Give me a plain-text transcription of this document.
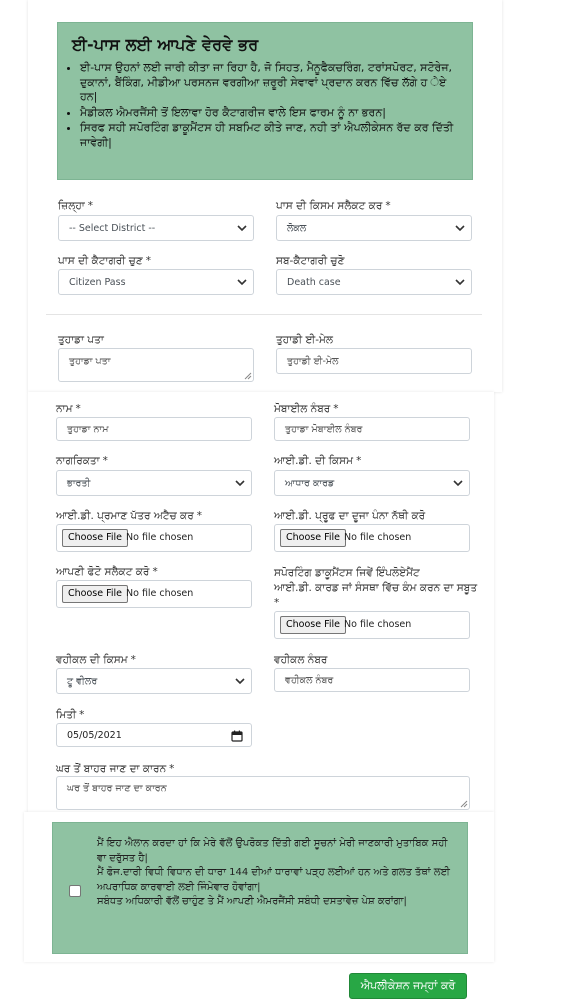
ਈ-ਪਾਸ ਲਈ ਆਪਣੇ ਵੇਰਵੇ ਭਰ
• ਈ-ਪਾਸ ਉਹਨਾਂ ਲਈ ਜਾਰੀ ਕੀਤਾ ਜਾ ਰਿਹਾ ਹੈ, ਜੋ ਸਿਹਤ, ਮੈਨੂਫੈਕਚਰਿੰਗ, ਟਰਾਂਸਪੋਰਟ, ਸਟੋਰੇਜ, ਦੁਕਾਨਾਂ, ਬੈਂਕਿੰਗ, ਮੀਡੀਆ ਪਰਸਨਜ ਵਰਗੀਆ ਜ਼ਰੂਰੀ ਸੇਵਾਵਾਂ ਪ੍ਰਦਾਨ ਕਰਨ ਵਿੱਚ ਲੱਗੇ ਹ ੇਏ ਹਨ|
• ਮੈਡੀਕਲ ਐਮਰਜੈਂਸੀ ਤੋਂ ਇਲਾਵਾ ਹੋਰ ਕੈਟਾਗਰੀਜ ਵਾਲੇ ਇਸ ਫਾਰਮ ਨੂੰ ਨਾ ਭਰਨ|
• ਸਿਰਫ ਸਹੀ ਸਪੋਰਟਿੰਗ ਡਾਕੂਮੈਂਟਸ ਹੀ ਸਬਮਿਟ ਕੀਤੇ ਜਾਣ, ਨਹੀ ਤਾਂ ਐਪਲੀਕੇਸਨ ਰੱਦ ਕਰ ਦਿੱਤੀ ਜਾਵੇਗੀ|
ਜ਼ਿਲ੍ਹਾ *
-- Select District --
ਪਾਸ ਦੀ ਕਿਸਮ ਸਲੈਕਟ ਕਰ *
ਲੋਕਲ
ਪਾਸ ਦੀ ਕੈਟਾਗਰੀ ਚੁਣ *
Citizen Pass
ਸਬ-ਕੈਟਾਗਰੀ ਚੁਣੋ
Death case
ਤੁਹਾਡਾ ਪਤਾ
ਤੁਹਾਡਾ ਪਤਾ
ਤੁਹਾਡੀ ਈ-ਮੇਲ
ਤੁਹਾਡੀ ਈ-ਮੇਲ
ਨਾਮ *
ਤੁਹਾਡਾ ਨਾਮ
ਮੋਬਾਈਲ ਨੰਬਰ *
ਤੁਹਾਡਾ ਮੋਬਾਈਲ ਨੰਬਰ
ਨਾਗਰਿਕਤਾ *
ਭਾਰਤੀ
ਆਈ.ਡੀ. ਦੀ ਕਿਸਮ *
ਆਧਾਰ ਕਾਰਡ
ਆਈ.ਡੀ. ਪ੍ਰਮਾਣ ਪੱਤਰ ਅਟੈਚ ਕਰ *
Choose File No file chosen
ਆਈ.ਡੀ. ਪ੍ਰੂਫ ਦਾ ਦੂਜਾ ਪੰਨਾ ਨੱਥੀ ਕਰੋ
Choose File No file chosen
ਆਪਣੀ ਫੋਟੋ ਸਲੈਕਟ ਕਰੋ *
Choose File No file chosen
ਸਪੋਰਟਿੰਗ ਡਾਕੂਮੈਂਟਸ ਜਿਵੇਂ ਇੰਪਲੋਏਮੈਂਟ
ਆਈ.ਡੀ. ਕਾਰਡ ਜਾਂ ਸੰਸਥਾ ਵਿੱਚ ਕੰਮ ਕਰਨ ਦਾ ਸਬੂਤ
*
Choose File No file chosen
ਵਹੀਕਲ ਦੀ ਕਿਸਮ *
ਟੂ ਵੀਲਰ
ਵਹੀਕਲ ਨੰਬਰ
ਵਹੀਕਲ ਨੰਬਰ
ਮਿਤੀ *
05/05/2021
ਘਰ ਤੋਂ ਬਾਹਰ ਜਾਣ ਦਾ ਕਾਰਨ *
ਘਰ ਤੋਂ ਬਾਹਰ ਜਾਣ ਦਾ ਕਾਰਨ

ਮੈਂ ਇਹ ਐਲਾਨ ਕਰਦਾ ਹਾਂ ਕਿ ਮੇਰੇ ਵੱਲੋਂ ਉਪਰੋਕਤ ਦਿੱਤੀ ਗਈ ਸੂਚਨਾਂ ਮੇਰੀ ਜਾਣਕਾਰੀ ਮੁਤਾਬਿਕ ਸਹੀ ਵਾ ਦਰੁੱਸਤ ਹੈ|

ਮੈਂ ਫੋਜ.ਦਾਰੀ ਵਿਧੀ ਵਿਧਾਨ ਦੀ ਧਾਰਾ 144 ਦੀਆਂ ਧਾਰਾਵਾਂ ਪੜ੍ਹ ਲਈਆਂ ਹਨ ਅਤੇ ਗਲਤ ਤੱਥਾਂ ਲਈ ਅਪਰਾਧਿਕ ਕਾਰਵਾਈ ਲਈ ਜਿੰਮੇਵਾਰ ਹੋਵਾਂਗਾ|

ਸਬੰਧਤ ਅਧਿਕਾਰੀ ਵੱਲੋਂ ਚਾਹੁੰਣ ਤੇ ਮੈਂ ਆਪਣੀ ਐਮਰਜੈਂਸੀ ਸਬੰਧੀ ਦਸਤਾਵੇਜ਼ ਪੇਸ਼ ਕਰਾਂਗਾ|

ਐਪਲੀਕੇਸ਼ਨ ਜਮ੍ਹਾਂ ਕਰੋ
